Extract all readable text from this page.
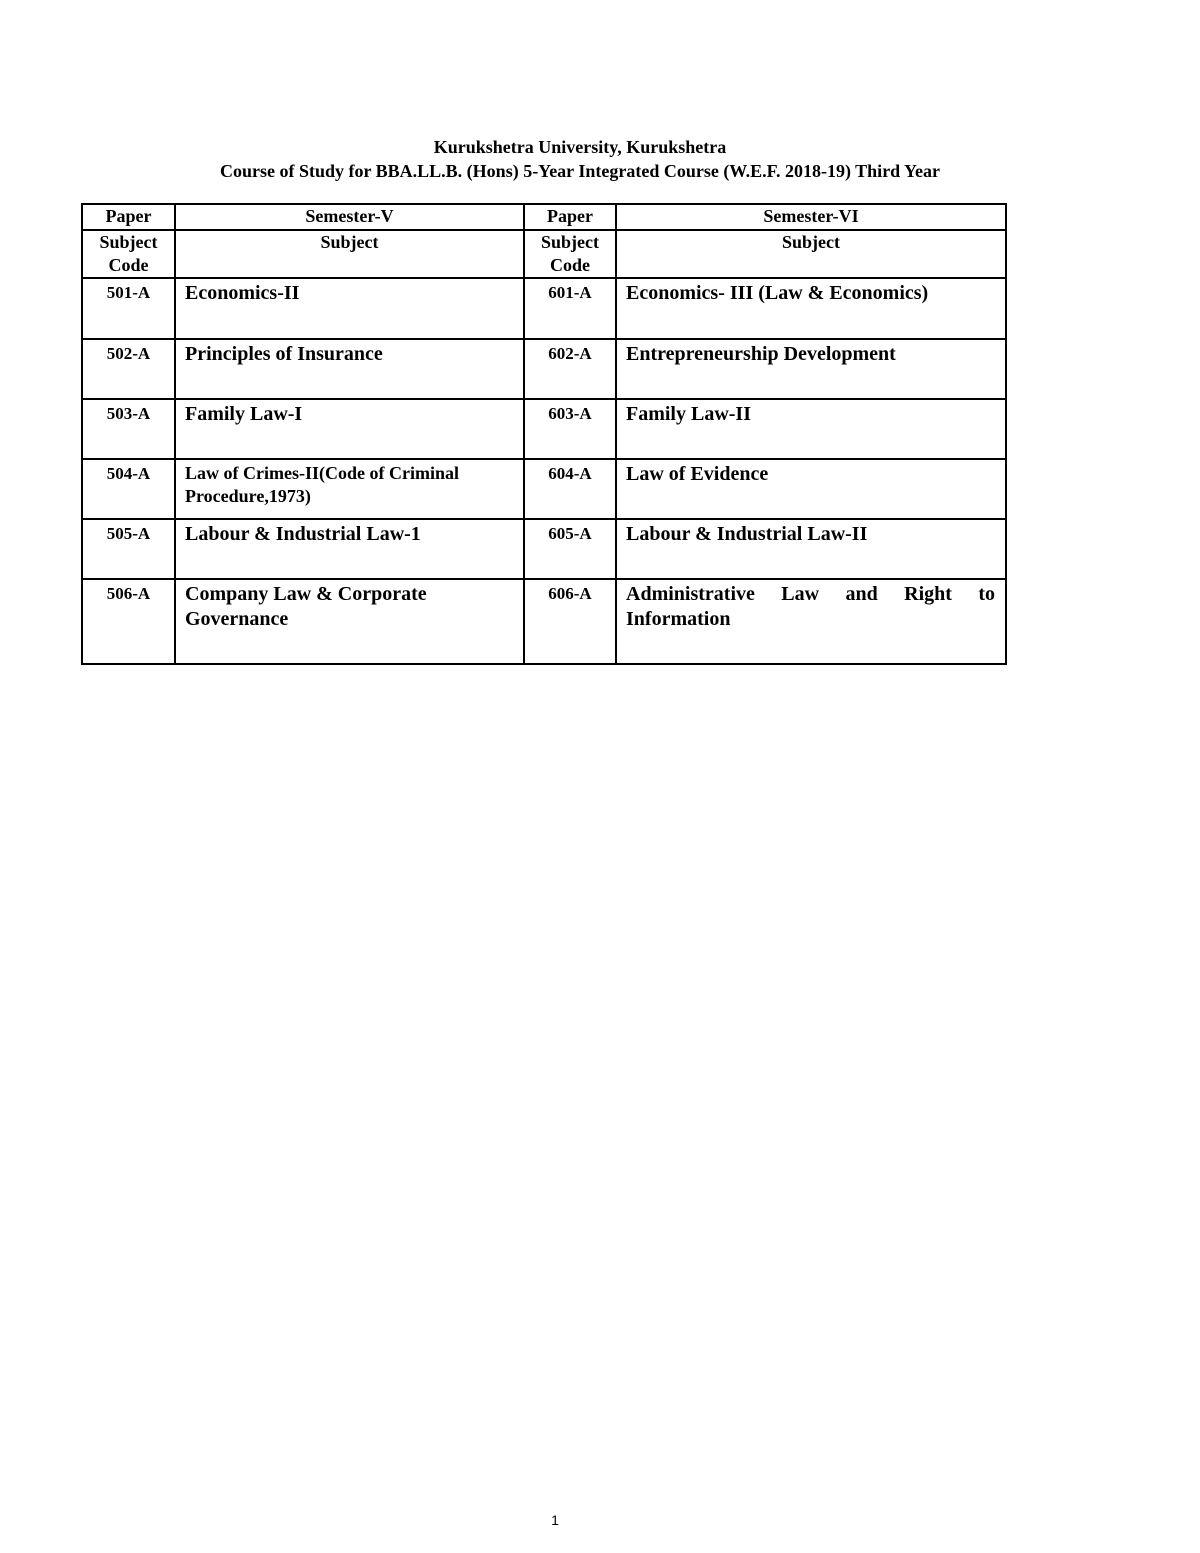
Kurukshetra University, Kurukshetra
Course of Study for BBA.LL.B. (Hons) 5-Year Integrated Course (W.E.F. 2018-19) Third Year
Paper	Semester-V	Paper	Semester-VI
Subject Code	Subject	Subject Code	Subject
501-A	Economics-II	601-A	Economics- III (Law & Economics)
502-A	Principles of Insurance	602-A	Entrepreneurship Development
503-A	Family Law-I	603-A	Family Law-II
504-A	Law of Crimes-II(Code of Criminal Procedure,1973)	604-A	Law of Evidence
505-A	Labour & Industrial Law-1	605-A	Labour & Industrial Law-II
506-A	Company Law & Corporate Governance	606-A	Administrative Law and Right to
Information
1
